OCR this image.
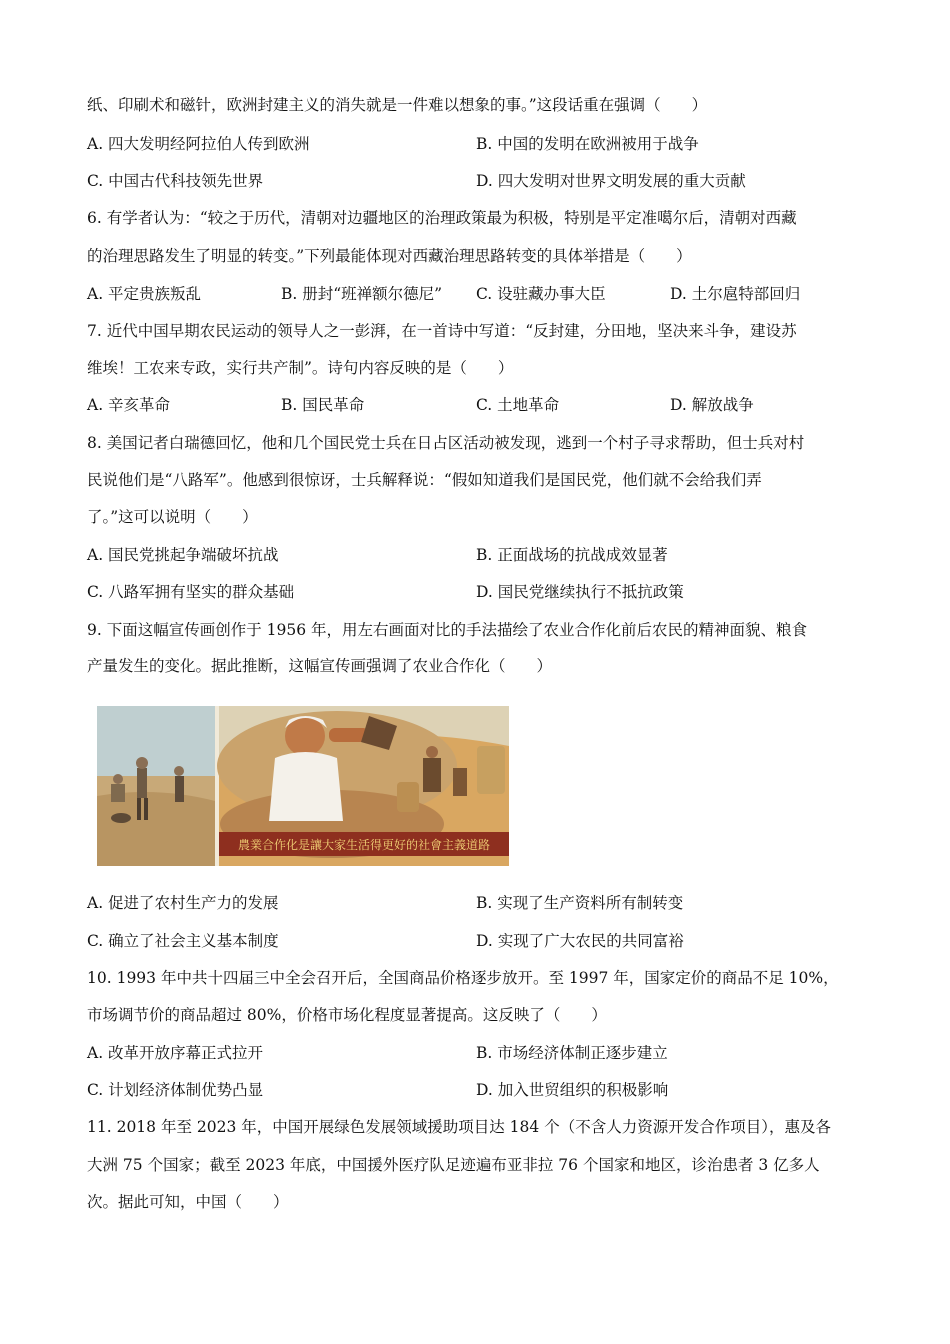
纸、印刷术和磁针，欧洲封建主义的消失就是一件难以想象的事。”这段话重在强调（　　）
A. 四大发明经阿拉伯人传到欧洲	B. 中国的发明在欧洲被用于战争
C. 中国古代科技领先世界	D. 四大发明对世界文明发展的重大贡献
6. 有学者认为：“较之于历代，清朝对边疆地区的治理政策最为积极，特别是平定准噶尔后，清朝对西藏
的治理思路发生了明显的转变。”下列最能体现对西藏治理思路转变的具体举措是（　　）
A. 平定贵族叛乱	B. 册封“班禅额尔德尼” C. 设驻藏办事大臣	D. 土尔扈特部回归
7. 近代中国早期农民运动的领导人之一彭湃，在一首诗中写道：“反封建，分田地，坚决来斗争，建设苏
维埃！工农来专政，实行共产制”。诗句内容反映的是（　　）
A. 辛亥革命	B. 国民革命	C. 土地革命	D. 解放战争
8. 美国记者白瑞德回忆，他和几个国民党士兵在日占区活动被发现，逃到一个村子寻求帮助，但士兵对村
民说他们是“八路军”。他感到很惊讶，士兵解释说：“假如知道我们是国民党，他们就不会给我们弄
了。”这可以说明（　　）
A. 国民党挑起争端破坏抗战	B. 正面战场的抗战成效显著
C. 八路军拥有坚实的群众基础	D. 国民党继续执行不抵抗政策
9. 下面这幅宣传画创作于 1956 年，用左右画面对比的手法描绘了农业合作化前后农民的精神面貌、粮食
产量发生的变化。据此推断，这幅宣传画强调了农业合作化（　　）
農業合作化是讓大家生活得更好的社會主義道路
A. 促进了农村生产力的发展	B. 实现了生产资料所有制转变
C. 确立了社会主义基本制度	D. 实现了广大农民的共同富裕
10. 1993 年中共十四届三中全会召开后，全国商品价格逐步放开。至 1997 年，国家定价的商品不足 10%，
市场调节价的商品超过 80%，价格市场化程度显著提高。这反映了（　　）
A. 改革开放序幕正式拉开	B. 市场经济体制正逐步建立
C. 计划经济体制优势凸显	D. 加入世贸组织的积极影响
11. 2018 年至 2023 年，中国开展绿色发展领域援助项目达 184 个（不含人力资源开发合作项目），惠及各
大洲 75 个国家；截至 2023 年底，中国援外医疗队足迹遍布亚非拉 76 个国家和地区，诊治患者 3 亿多人
次。据此可知，中国（　　）
